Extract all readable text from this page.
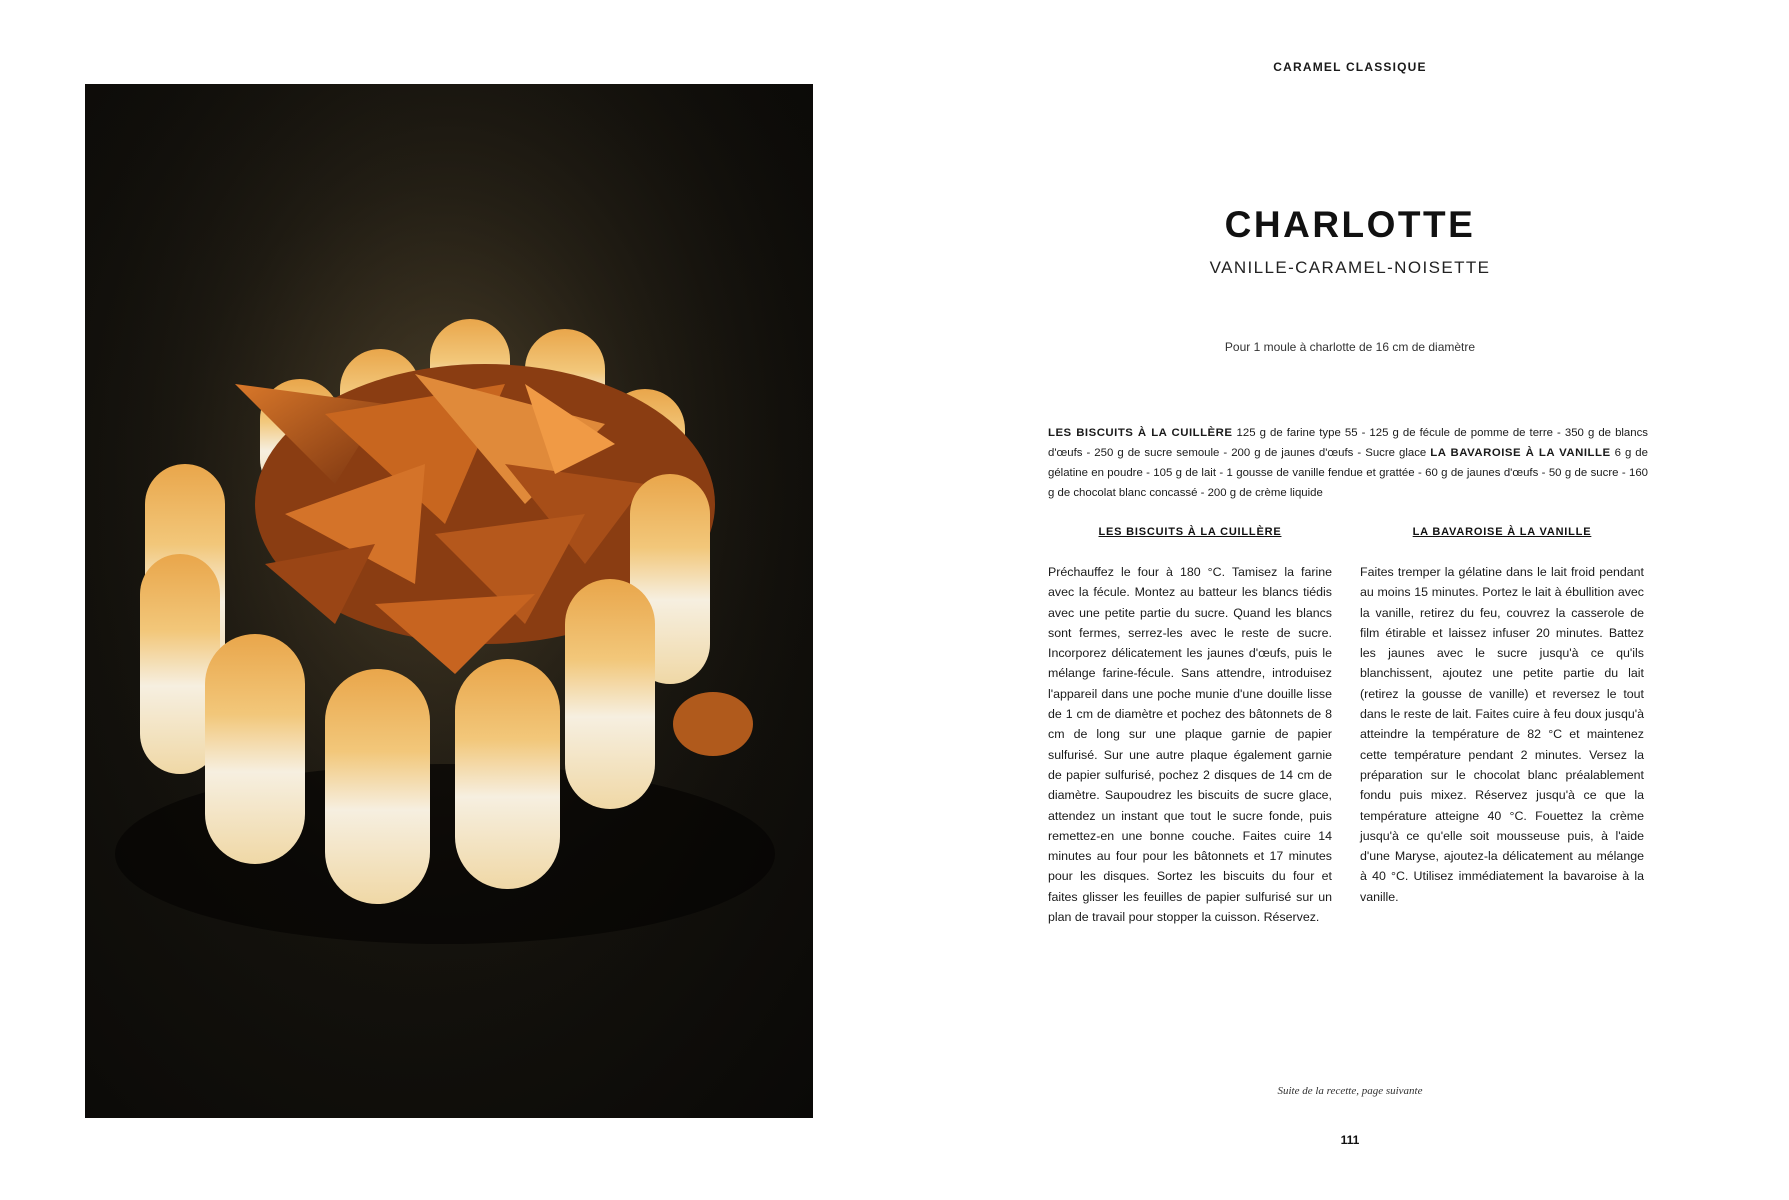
CARAMEL CLASSIQUE
CHARLOTTE
VANILLE-CARAMEL-NOISETTE
Pour 1 moule à charlotte de 16 cm de diamètre
LES BISCUITS À LA CUILLÈRE 125 g de farine type 55 - 125 g de fécule de pomme de terre - 350 g de blancs d'œufs - 250 g de sucre semoule - 200 g de jaunes d'œufs - Sucre glace LA BAVAROISE À LA VANILLE 6 g de gélatine en poudre - 105 g de lait - 1 gousse de vanille fendue et grattée - 60 g de jaunes d'œufs - 50 g de sucre - 160 g de chocolat blanc concassé - 200 g de crème liquide
LES BISCUITS À LA CUILLÈRE
Préchauffez le four à 180 °C. Tamisez la farine avec la fécule. Montez au batteur les blancs tiédis avec une petite partie du sucre. Quand les blancs sont fermes, serrez-les avec le reste de sucre. Incorporez délicatement les jaunes d'œufs, puis le mélange farine-fécule. Sans attendre, introduisez l'appareil dans une poche munie d'une douille lisse de 1 cm de diamètre et pochez des bâtonnets de 8 cm de long sur une plaque garnie de papier sulfurisé. Sur une autre plaque également garnie de papier sulfurisé, pochez 2 disques de 14 cm de diamètre. Saupoudrez les biscuits de sucre glace, attendez un instant que tout le sucre fonde, puis remettez-en une bonne couche. Faites cuire 14 minutes au four pour les bâtonnets et 17 minutes pour les disques. Sortez les biscuits du four et faites glisser les feuilles de papier sulfurisé sur un plan de travail pour stopper la cuisson. Réservez.
LA BAVAROISE À LA VANILLE
Faites tremper la gélatine dans le lait froid pendant au moins 15 minutes. Portez le lait à ébullition avec la vanille, retirez du feu, couvrez la casserole de film étirable et laissez infuser 20 minutes. Battez les jaunes avec le sucre jusqu'à ce qu'ils blanchissent, ajoutez une petite partie du lait (retirez la gousse de vanille) et reversez le tout dans le reste de lait. Faites cuire à feu doux jusqu'à atteindre la température de 82 °C et maintenez cette température pendant 2 minutes. Versez la préparation sur le chocolat blanc préalablement fondu puis mixez. Réservez jusqu'à ce que la température atteigne 40 °C. Fouettez la crème jusqu'à ce qu'elle soit mousseuse puis, à l'aide d'une Maryse, ajoutez-la délicatement au mélange à 40 °C. Utilisez immédiatement la bavaroise à la vanille.
Suite de la recette, page suivante
111
